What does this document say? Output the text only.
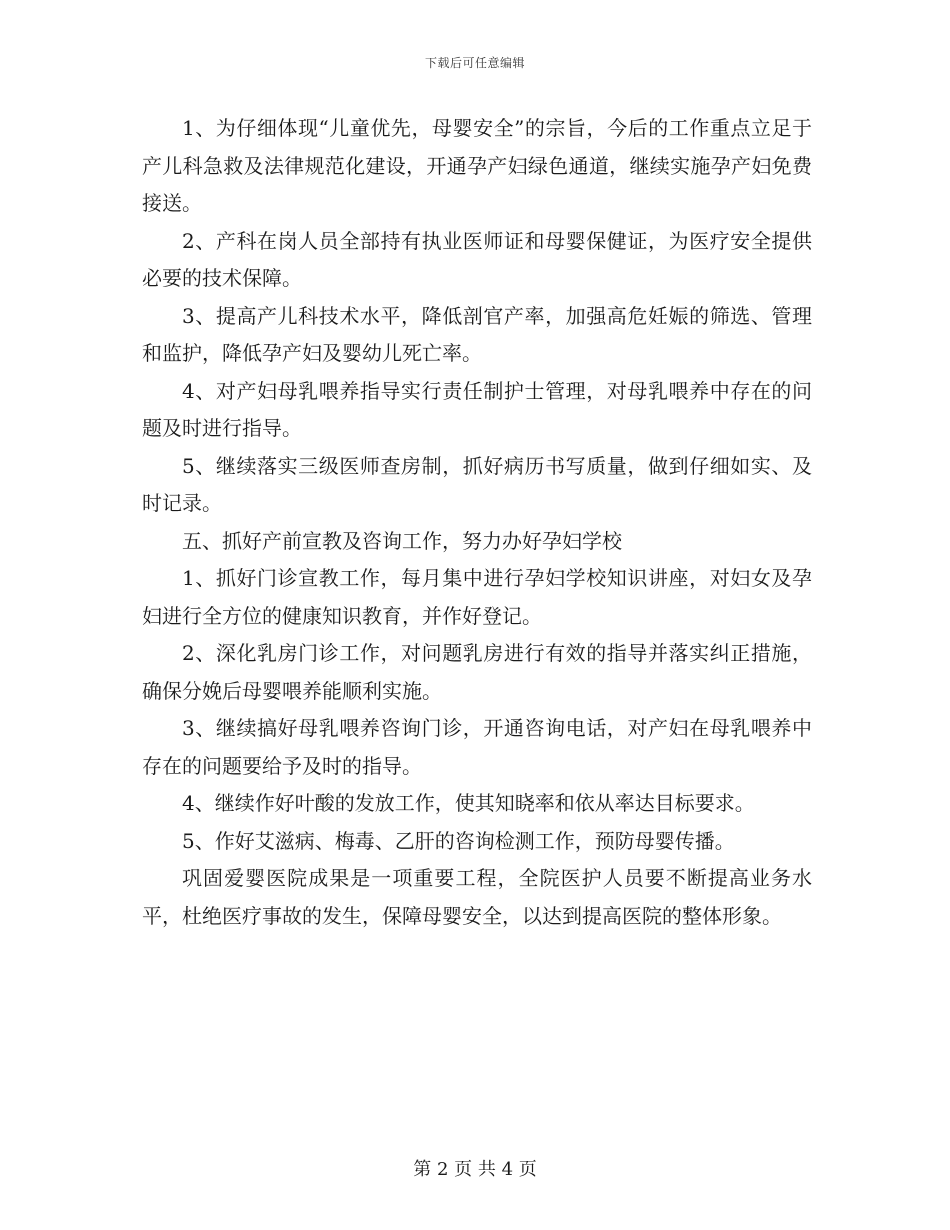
下载后可任意编辑

1、为仔细体现“儿童优先，母婴安全”的宗旨，今后的工作重点立足于产儿科急救及法律规范化建设，开通孕产妇绿色通道，继续实施孕产妇免费接送。

2、产科在岗人员全部持有执业医师证和母婴保健证，为医疗安全提供必要的技术保障。

3、提高产儿科技术水平，降低剖官产率，加强高危妊娠的筛选、管理和监护，降低孕产妇及婴幼儿死亡率。

4、对产妇母乳喂养指导实行责任制护士管理，对母乳喂养中存在的问题及时进行指导。

5、继续落实三级医师查房制，抓好病历书写质量，做到仔细如实、及时记录。

五、抓好产前宣教及咨询工作，努力办好孕妇学校

1、抓好门诊宣教工作，每月集中进行孕妇学校知识讲座，对妇女及孕妇进行全方位的健康知识教育，并作好登记。

2、深化乳房门诊工作，对问题乳房进行有效的指导并落实纠正措施，确保分娩后母婴喂养能顺利实施。

3、继续搞好母乳喂养咨询门诊，开通咨询电话，对产妇在母乳喂养中存在的问题要给予及时的指导。

4、继续作好叶酸的发放工作，使其知晓率和依从率达目标要求。

5、作好艾滋病、梅毒、乙肝的咨询检测工作，预防母婴传播。

巩固爱婴医院成果是一项重要工程，全院医护人员要不断提高业务水平，杜绝医疗事故的发生，保障母婴安全，以达到提高医院的整体形象。

第 2 页 共 4 页
